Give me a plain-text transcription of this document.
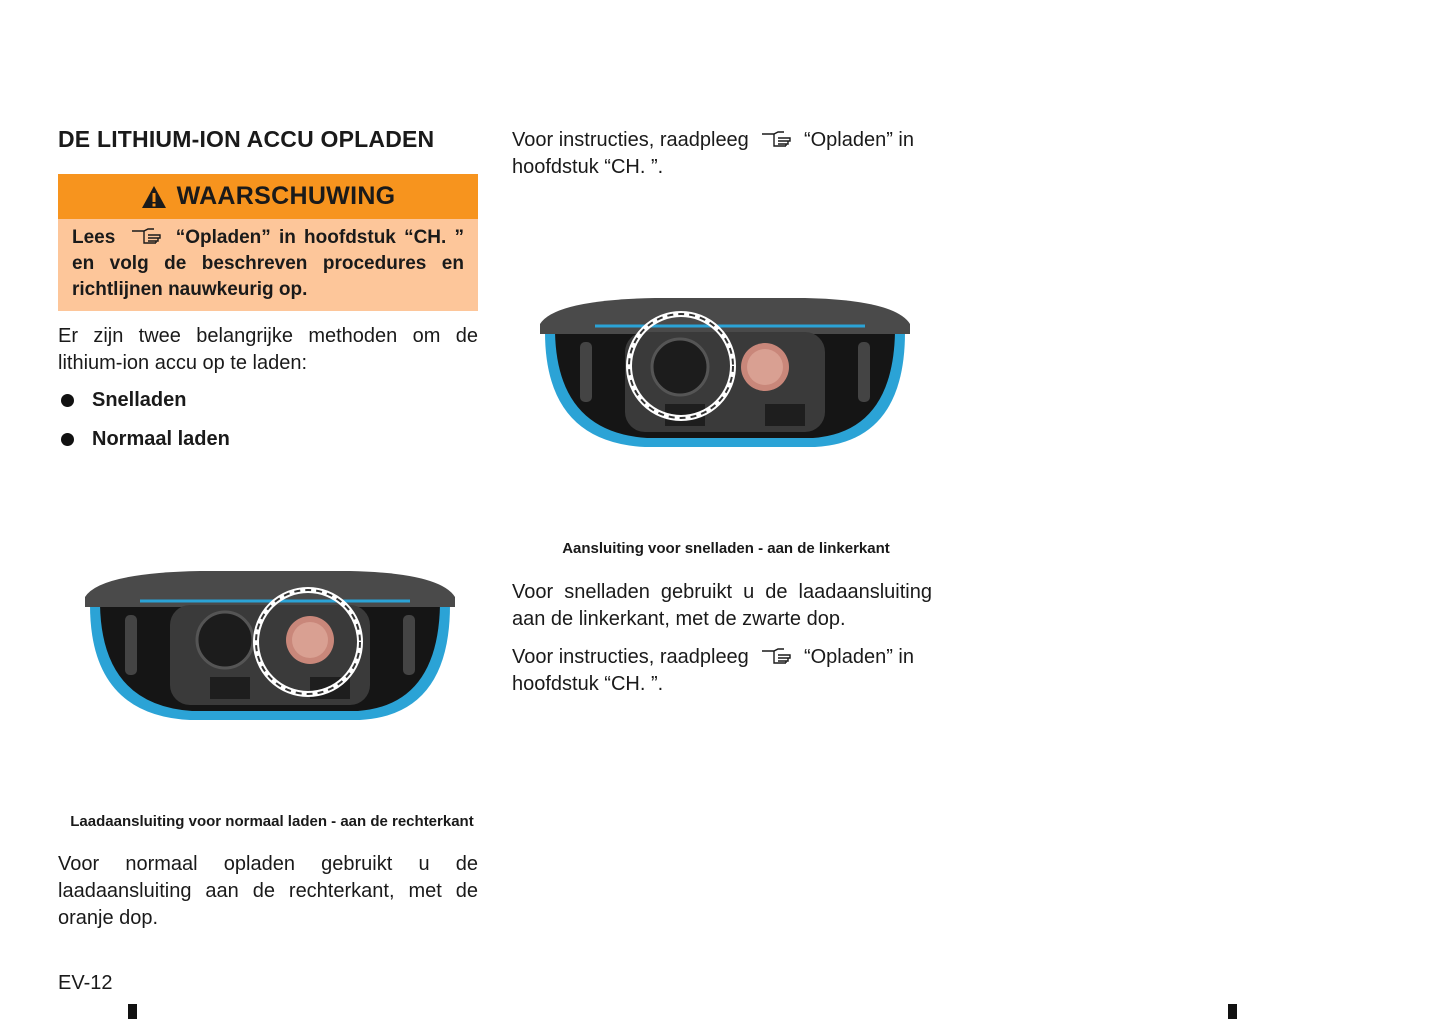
DE LITHIUM-ION ACCU OPLADEN
WAARSCHUWING
Lees	“Opladen” in hoofdstuk “CH. ” en volg de beschreven procedures en richtlijnen nauwkeurig op.
Er zijn twee belangrijke methoden om de lithium-ion accu op te laden:
Snelladen
Normaal laden
Laadaansluiting voor normaal laden - aan de rechterkant
Voor normaal opladen gebruikt u de laadaansluiting aan de rechterkant, met de oranje dop.
Voor instructies, raadpleeg	“Opladen” in hoofdstuk “CH. ”.
Aansluiting voor snelladen - aan de linkerkant
Voor snelladen gebruikt u de laadaansluiting aan de linkerkant, met de zwarte dop.
Voor instructies, raadpleeg	“Opladen” in hoofdstuk “CH. ”.
EV-12
